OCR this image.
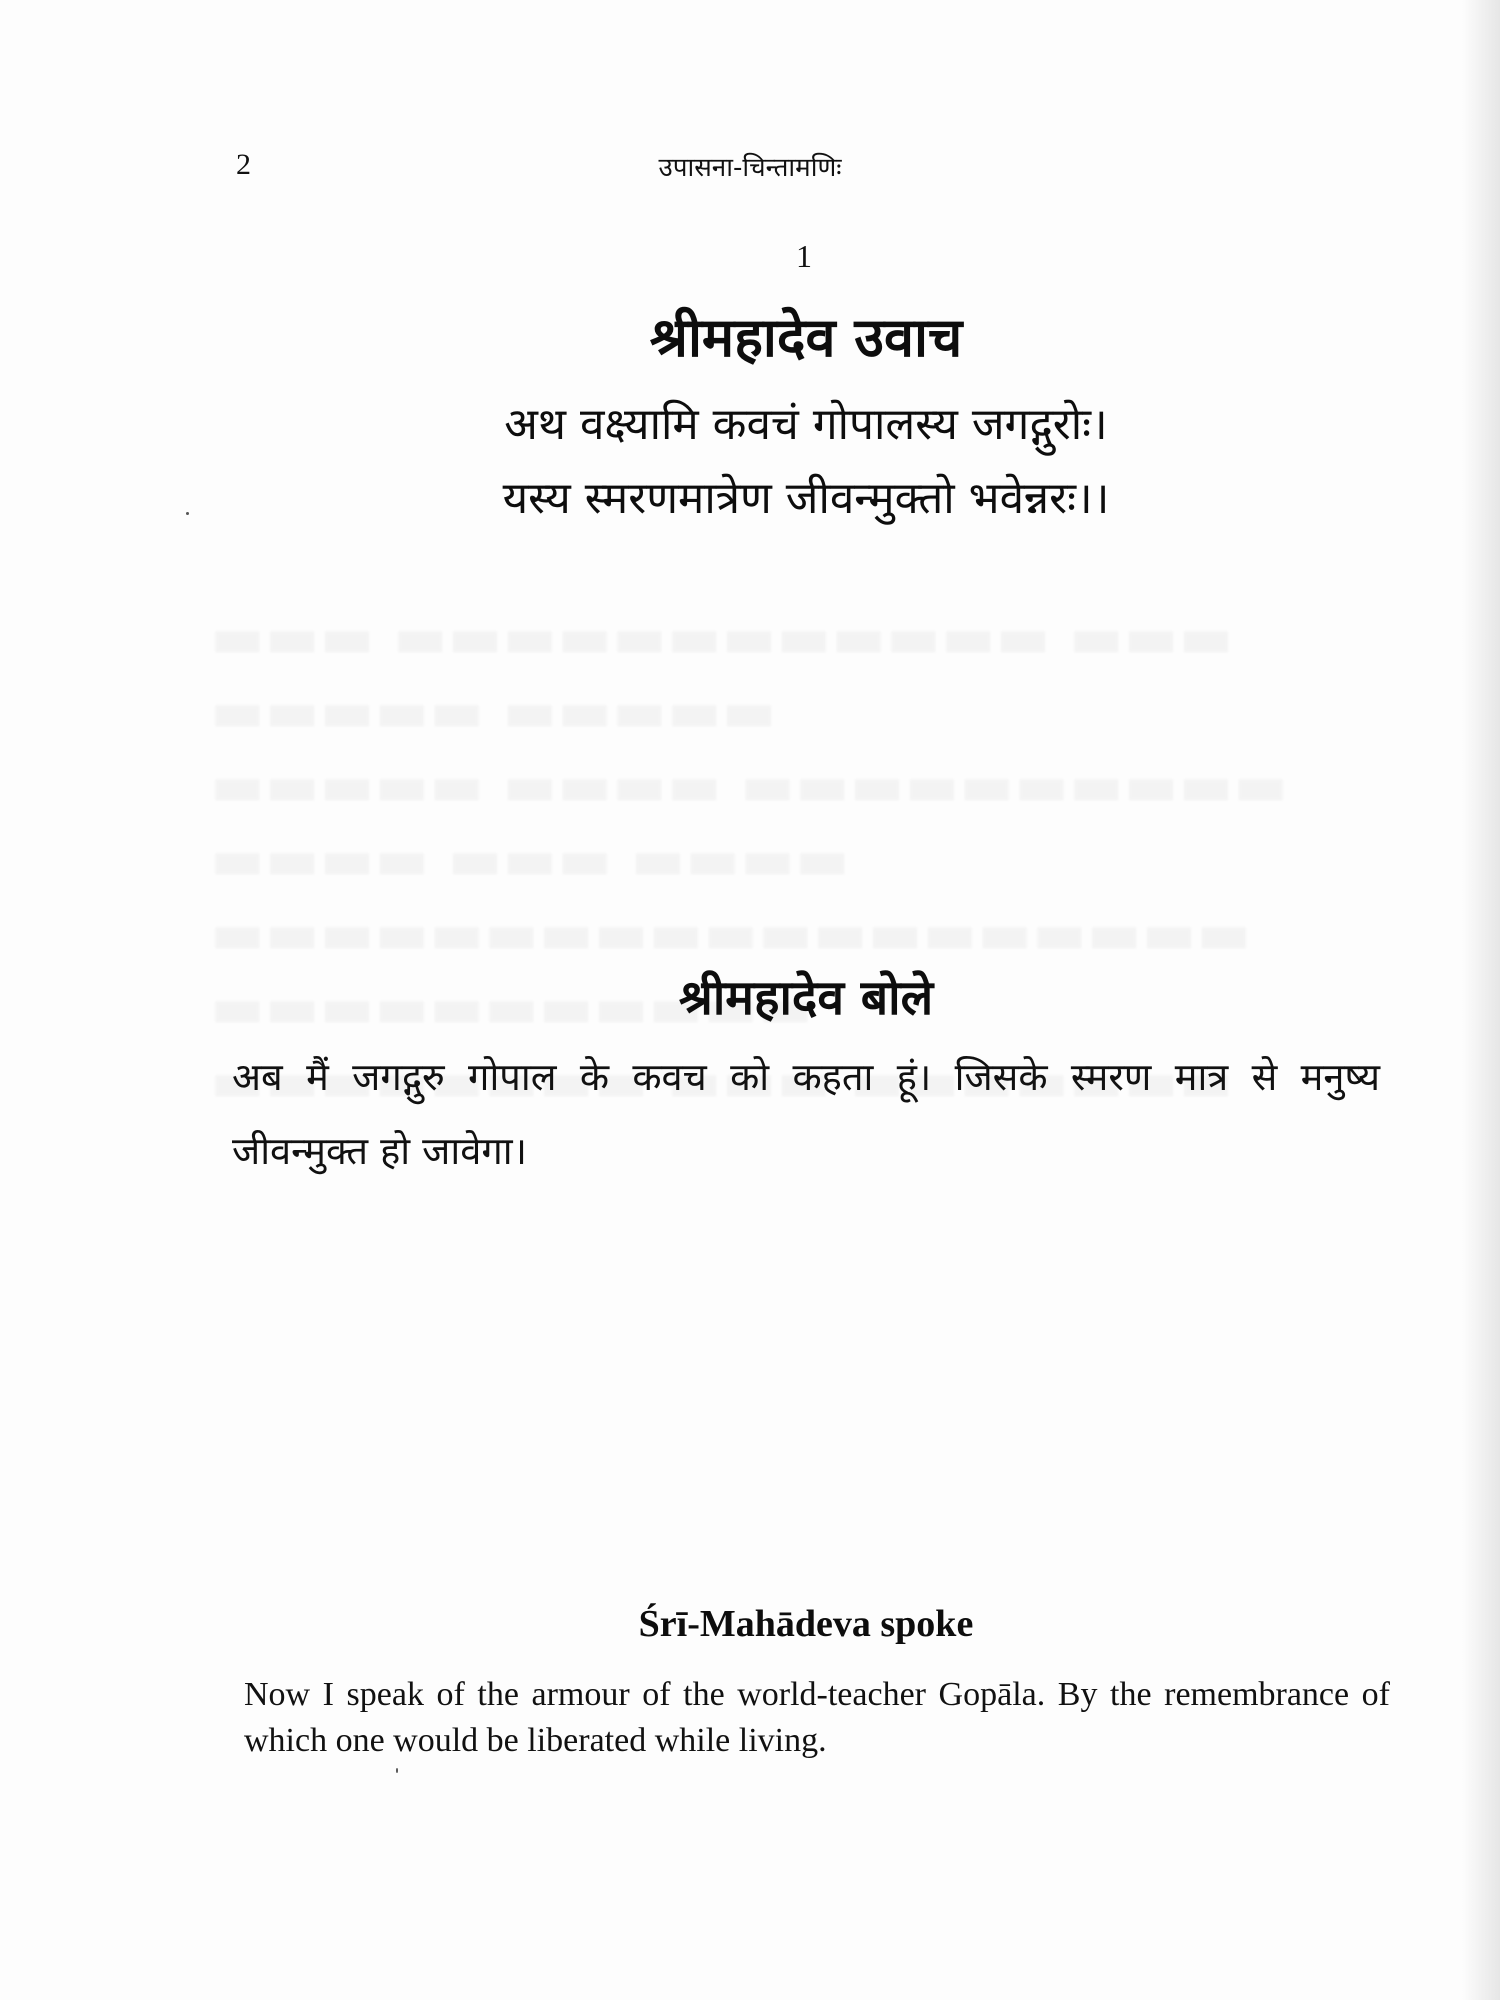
2	उपासना-चिन्तामणिः
1
श्रीमहादेव उवाच
अथ वक्ष्यामि कवचं गोपालस्य जगद्गुरोः।
यस्य स्मरणमात्रेण जीवन्मुक्तो भवेन्नरः।।
श्रीमहादेव बोले
अब मैं जगद्गुरु गोपाल के कवच को कहता हूं। जिसके स्मरण मात्र से मनुष्य जीवन्मुक्त हो जावेगा।
Śrī-Mahādeva spoke
Now I speak of the armour of the world-teacher Gopāla. By the remembrance of which one would be liberated while living.
